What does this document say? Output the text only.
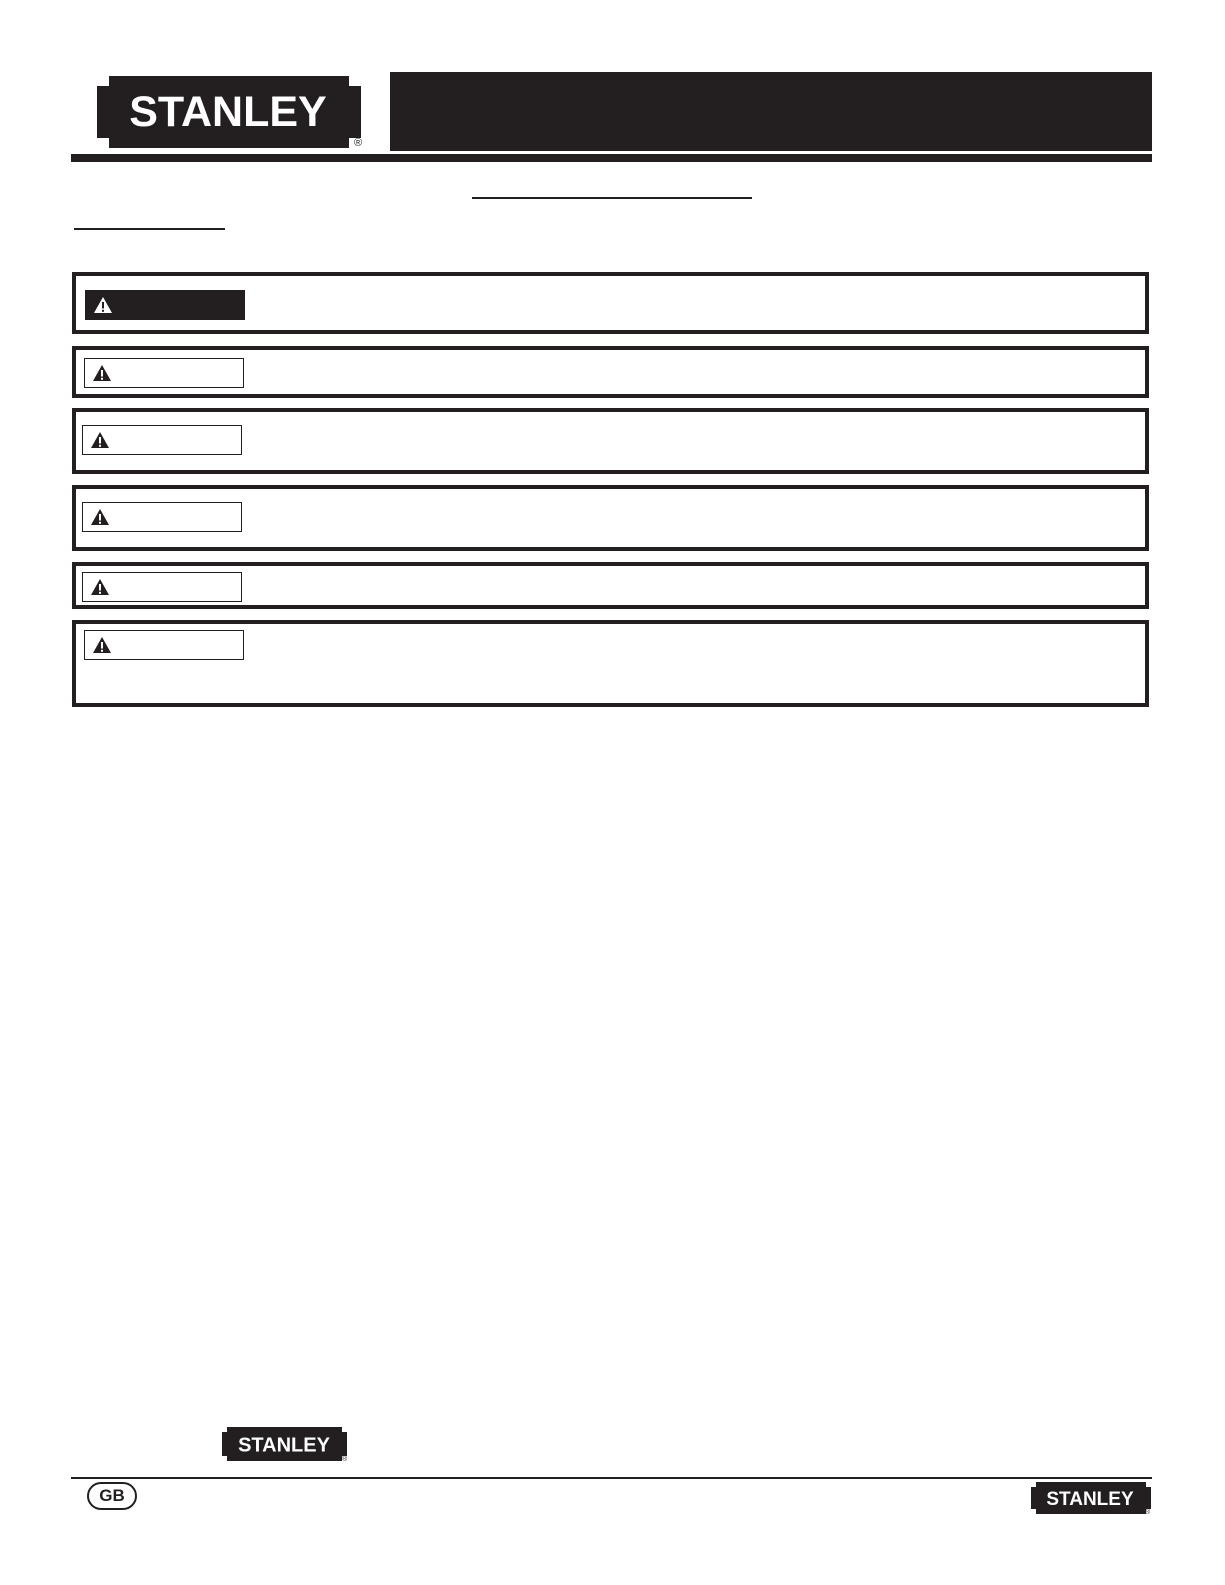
STANLEY
®
STANLEY
®
GB	STANLEY
®
